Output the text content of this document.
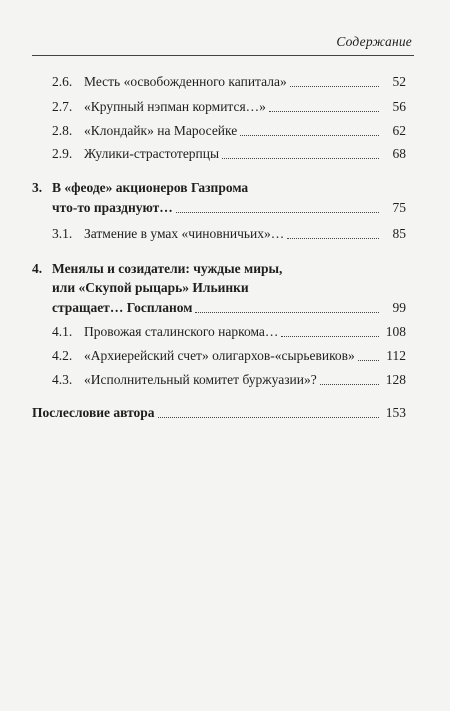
Содержание
2.6. Месть «освобожденного капитала»	52
2.7. «Крупный нэпман кормится…»	56
2.8. «Клондайк» на Маросейке	62
2.9. Жулики-страстотерпцы	68
3. В «феоде» акционеров Газпрома
что-то празднуют…	75
3.1. Затмение в умах «чиновничьих»…	85
4. Менялы и созидатели: чуждые миры,
или «Скупой рыцарь» Ильинки
стращает… Госпланом	99
4.1. Провожая сталинского наркома…	108
4.2. «Архиерейский счет» олигархов-«сырьевиков»	112
4.3. «Исполнительный комитет буржуазии»?	128
Послесловие автора	153
